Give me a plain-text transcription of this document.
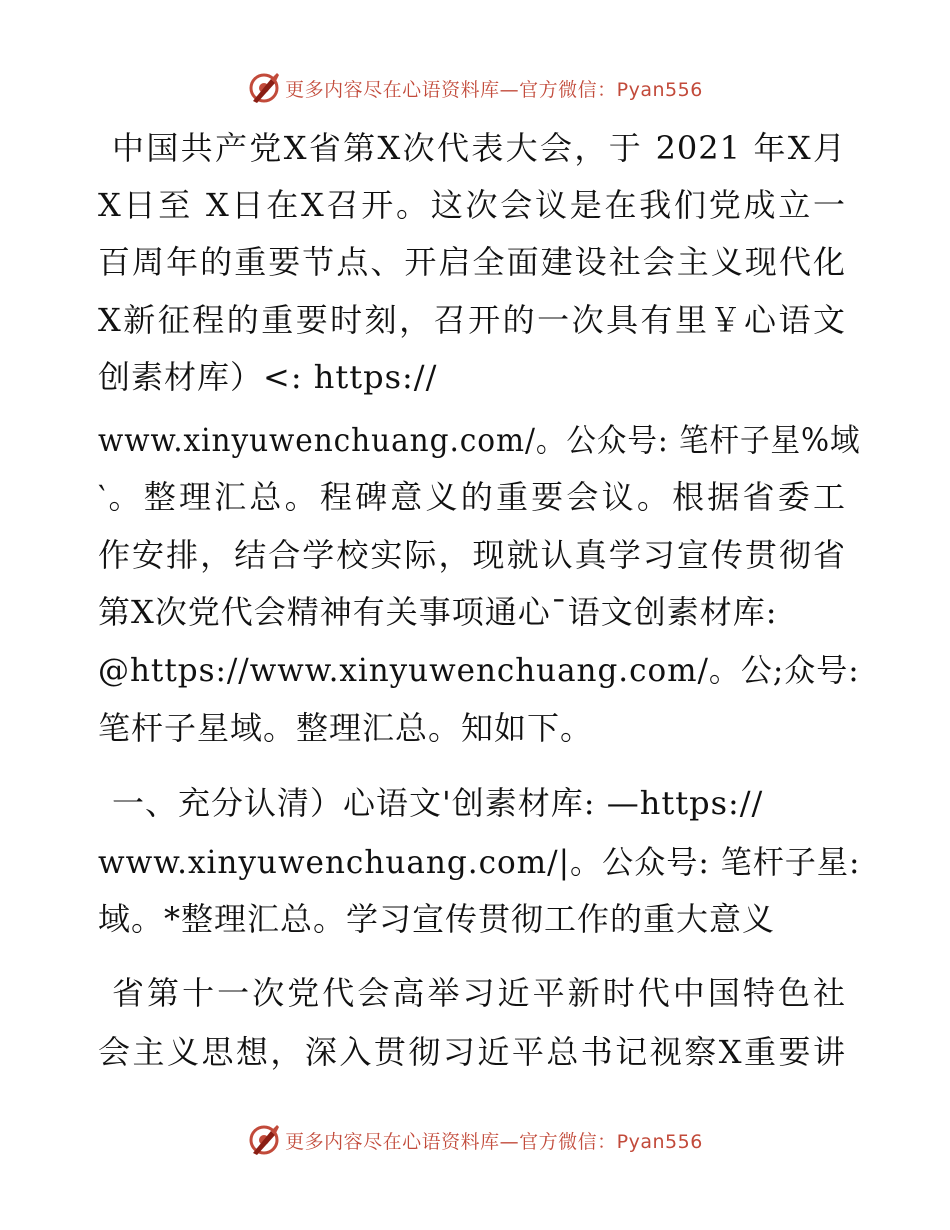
更多内容尽在心语资料库—官方微信：Pyan556
中国共产党X省第X次代表大会，于 2021 年X月
X日至 X日在X召开。这次会议是在我们党成立一
百周年的重要节点、开启全面建设社会主义现代化
X新征程的重要时刻，召开的一次具有里￥心语文
创素材库）<: https://
www.xinyuwenchuang.com/。公众号: 笔杆子星%域
‵。整理汇总。程碑意义的重要会议。根据省委工
作安排，结合学校实际，现就认真学习宣传贯彻省
第X次党代会精神有关事项通心¯语文创素材库:
@https://www.xinyuwenchuang.com/。公;众号:
笔杆子星域。整理汇总。知如下。
一、充分认清）心语文'创素材库: —https://
www.xinyuwenchuang.com/|。公众号: 笔杆子星:
域。*整理汇总。学习宣传贯彻工作的重大意义
省第十一次党代会高举习近平新时代中国特色社
会主义思想，深入贯彻习近平总书记视察X重要讲
更多内容尽在心语资料库—官方微信：Pyan556
